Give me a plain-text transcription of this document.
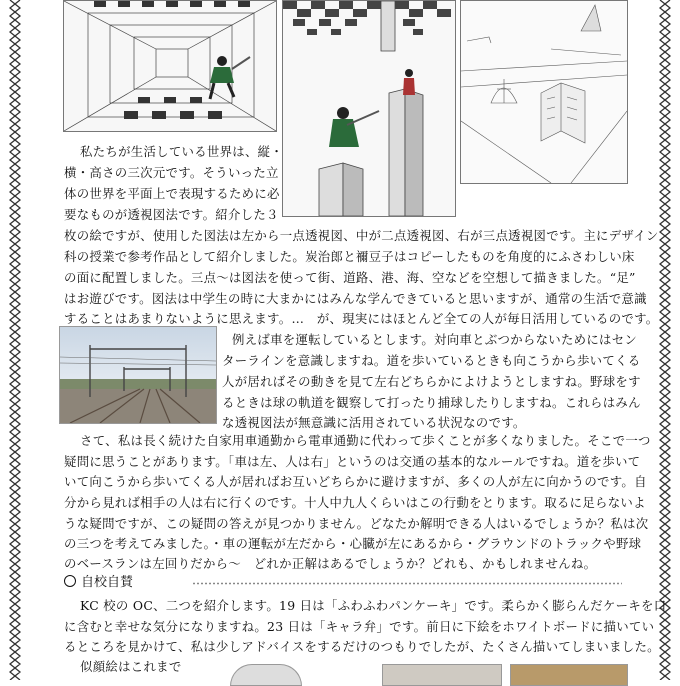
私たちが生活している世界は、縦・
横・高さの三次元です。そういった立
体の世界を平面上で表現するために必
要なものが透視図法です。紹介した３
枚の絵ですが、使用した図法は左から一点透視図、中が二点透視図、右が三点透視図です。主にデザイン
科の授業で参考作品として紹介しました。炭治郎と禰豆子はコピーしたものを角度的にふさわしい床
の面に配置しました。三点～は図法を使って街、道路、港、海、空などを空想して描きました。“足”
はお遊びです。図法は中学生の時に大まかにはみんな学んできていると思いますが、通常の生活で意識
することはあまりないように思えます。…　が、現実にはほとんど全ての人が毎日活用しているのです。
例えば車を運転しているとします。対向車とぶつからないためにはセン
ターラインを意識しますね。道を歩いているときも向こうから歩いてくる
人が居ればその動きを見て左右どちらかによけようとしますね。野球をす
るときは球の軌道を観察して打ったり捕球したりしますね。これらはみん
な透視図法が無意識に活用されている状況なのです。
さて、私は長く続けた自家用車通勤から電車通勤に代わって歩くことが多くなりました。そこで一つ
疑問に思うことがあります。「車は左、人は右」というのは交通の基本的なルールですね。道を歩いて
いて向こうから歩いてくる人が居ればお互いどちらかに避けますが、多くの人が左に向かうのです。自
分から見れば相手の人は右に行くのです。十人中九人くらいはこの行動をとります。取るに足らないよ
うな疑問ですが、この疑問の答えが見つかりません。どなたか解明できる人はいるでしょうか？私は次
の三つを考えてみました。・車の運転が左だから・心臓が左にあるから・グラウンドのトラックや野球
のベースランは左回りだから～　どれか正解はあるでしょうか？どれも、かもしれませんね。
自校自賛
KC 校の OC、二つを紹介します。19 日は「ふわふわパンケーキ」です。柔らかく膨らんだケーキを口
に含むと幸せな気分になりますね。23 日は「キャラ弁」です。前日に下絵をホワイトボードに描いてい
るところを見かけて、私は少しアドバイスをするだけのつもりでしたが、たくさん描いてしまいました。
似顔絵はこれまで
